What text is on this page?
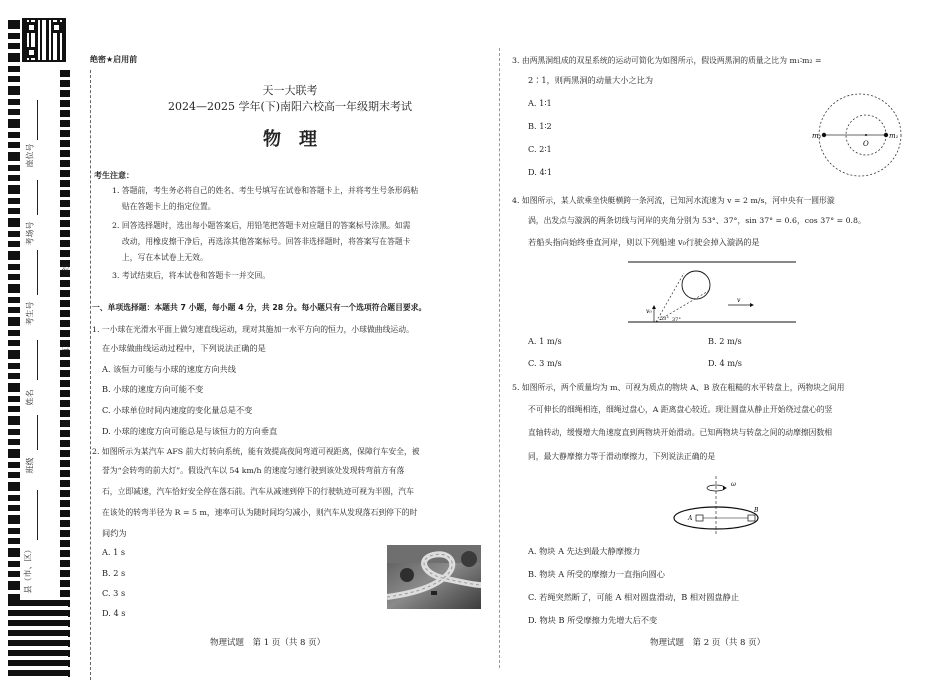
座位号
考场号
考生号
姓名
班级
县（市、区）
线
订
装
绝密★启用前
天一大联考
2024—2025 学年(下)南阳六校高一年级期末考试
物　理
考生注意：
1. 答题前，考生务必将自己的姓名、考生号填写在试卷和答题卡上，并将考生号条形码粘
贴在答题卡上的指定位置。
2. 回答选择题时，选出每小题答案后，用铅笔把答题卡对应题目的答案标号涂黑。如需
改动，用橡皮擦干净后，再选涂其他答案标号。回答非选择题时，将答案写在答题卡
上，写在本试卷上无效。
3. 考试结束后，将本试卷和答题卡一并交回。
一、单项选择题：本题共 7 小题，每小题 4 分，共 28 分。每小题只有一个选项符合题目要求。
1. 一小球在光滑水平面上做匀速直线运动，现对其施加一水平方向的恒力，小球做曲线运动。
在小球做曲线运动过程中，下列说法正确的是
A. 该恒力可能与小球的速度方向共线
B. 小球的速度方向可能不变
C. 小球单位时间内速度的变化量总是不变
D. 小球的速度方向可能总是与该恒力的方向垂直
2. 如图所示为某汽车 AFS 前大灯转向系统，能有效提高夜间弯道可视距离，保障行车安全，被
誉为“会转弯的前大灯”。假设汽车以 54 km/h 的速度匀速行驶到该处发现转弯前方有落
石，立即减速，汽车恰好安全停在落石前。汽车从减速到停下的行驶轨迹可视为半圆，汽车
在该处的转弯半径为 R = 5 m，速率可认为随时间均匀减小，则汽车从发现落石到停下的时
间约为
A. 1 s
B. 2 s
C. 3 s
D. 4 s
物理试题　第 1 页（共 8 页）
3. 由两黑洞组成的双星系统的运动可简化为如图所示，假设两黑洞的质量之比为 m₁∶m₂ =
2∶1，则两黑洞的动量大小之比为
A. 1∶1
B. 1∶2
C. 2∶1
D. 4∶1
m₂	m₁
O
4. 如图所示，某人欲乘坐快艇横跨一条河流，已知河水流速为 v = 2 m/s，河中央有一圆形漩
涡，出发点与漩涡的两条切线与河岸的夹角分别为 53°、37°，sin 37° = 0.6，cos 37° = 0.8。
若船头指向始终垂直河岸，则以下列船速 v₀行驶会掉入漩涡的是
v₀
v
53° 37°
A. 1 m/s	B. 2 m/s
C. 3 m/s	D. 4 m/s
5. 如图所示，两个质量均为 m、可视为质点的物块 A、B 放在粗糙的水平转盘上，两物块之间用
不可伸长的细绳相连，细绳过盘心，A 距离盘心较近。现让圆盘从静止开始绕过盘心的竖
直轴转动，缓慢增大角速度直到两物块开始滑动。已知两物块与转盘之间的动摩擦因数相
同，最大静摩擦力等于滑动摩擦力，下列说法正确的是
ω
A
B
A. 物块 A 先达到最大静摩擦力
B. 物块 A 所受的摩擦力一直指向圆心
C. 若绳突然断了，可能 A 相对圆盘滑动，B 相对圆盘静止
D. 物块 B 所受摩擦力先增大后不变
物理试题　第 2 页（共 8 页）
